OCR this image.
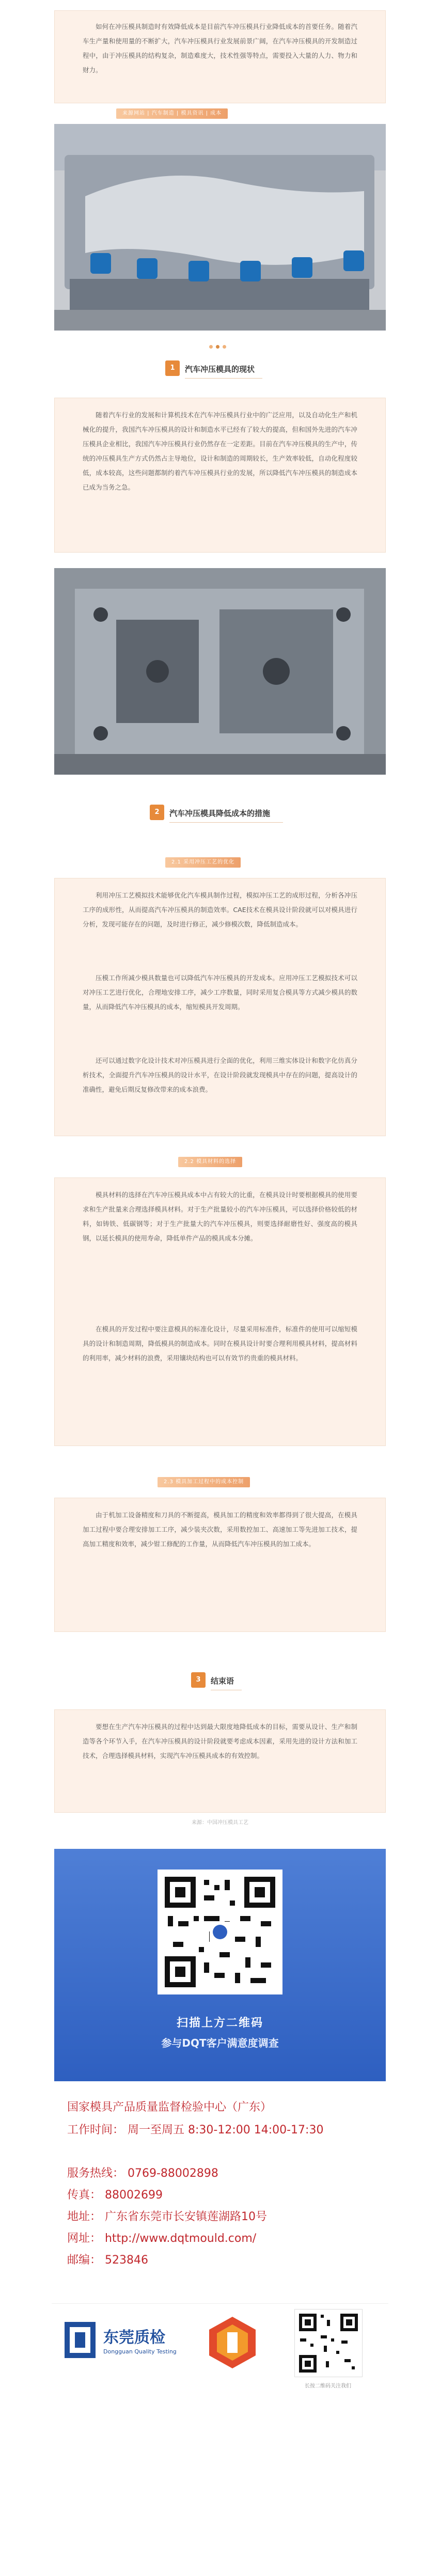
如何在冲压模具制造时有效降低成本是目前汽车冲压模具行业降低成本的首要任务。随着汽车生产量和使用量的不断扩大，汽车冲压模具行业发展前景广阔，在汽车冲压模具的开发制造过程中，由于冲压模具的结构复杂，制造难度大，技术性强等特点，需要投入大量的人力、物力和财力。

来源网站 | 汽车制造 | 模具资讯 | 成本
1	汽车冲压模具的现状

随着汽车行业的发展和计算机技术在汽车冲压模具行业中的广泛应用，以及自动化生产和机械化的提升，我国汽车冲压模具的设计和制造水平已经有了较大的提高，但和国外先进的汽车冲压模具企业相比，我国汽车冲压模具行业仍然存在一定差距。目前在汽车冲压模具的生产中，传统的冲压模具生产方式仍然占主导地位，设计和制造的周期较长，生产效率较低，自动化程度较低，成本较高，这些问题都制约着汽车冲压模具行业的发展，所以降低汽车冲压模具的制造成本已成为当务之急。

2	汽车冲压模具降低成本的措施
2.1 采用冲压工艺的优化

利用冲压工艺模拟技术能够优化汽车模具制作过程，模拟冲压工艺的成形过程，分析各冲压工序的成形性，从而提高汽车冲压模具的制造效率。CAE技术在模具设计阶段就可以对模具进行分析，发现可能存在的问题，及时进行修正，减少修模次数，降低制造成本。

压模工作所减少模具数量也可以降低汽车冲压模具的开发成本。应用冲压工艺模拟技术可以对冲压工艺进行优化，合理地安排工序，减少工序数量，同时采用复合模具等方式减少模具的数量，从而降低汽车冲压模具的成本，缩短模具开发周期。

还可以通过数字化设计技术对冲压模具进行全面的优化，利用三维实体设计和数字化仿真分析技术，全面提升汽车冲压模具的设计水平，在设计阶段就发现模具中存在的问题，提高设计的准确性，避免后期反复修改带来的成本浪费。

2.2 模具材料的选择

模具材料的选择在汽车冲压模具成本中占有较大的比重，在模具设计时要根据模具的使用要求和生产批量来合理选择模具材料。对于生产批量较小的汽车冲压模具，可以选择价格较低的材料，如铸铁、低碳钢等；对于生产批量大的汽车冲压模具，则要选择耐磨性好、强度高的模具钢，以延长模具的使用寿命，降低单件产品的模具成本分摊。

在模具的开发过程中要注意模具的标准化设计，尽量采用标准件，标准件的使用可以缩短模具的设计和制造周期，降低模具的制造成本。同时在模具设计时要合理利用模具材料，提高材料的利用率，减少材料的浪费，采用镶块结构也可以有效节约贵重的模具材料。

2.3 模具加工过程中的成本控制

由于机加工设备精度和刀具的不断提高，模具加工的精度和效率都得到了很大提高，在模具加工过程中要合理安排加工工序，减少装夹次数，采用数控加工、高速加工等先进加工技术，提高加工精度和效率，减少钳工修配的工作量，从而降低汽车冲压模具的加工成本。

3	结束语

要想在生产汽车冲压模具的过程中达到最大限度地降低成本的目标，需要从设计、生产和制造等各个环节入手，在汽车冲压模具的设计阶段就要考虑成本因素，采用先进的设计方法和加工技术，合理选择模具材料，实现汽车冲压模具成本的有效控制。

来源：中国冲压模具工艺
扫描上方二维码
参与DQT客户满意度调查

国家模具产品质量监督检验中心（广东）

工作时间： 周一至周五 8:30-12:00 14:00-17:30

服务热线： 0769-88002898

传真： 88002699

地址： 广东省东莞市长安镇莲湖路10号

网址： http://www.dqtmould.com/

邮编： 523846

东莞质检
Dongguan Quality Testing
长按二维码关注我们
